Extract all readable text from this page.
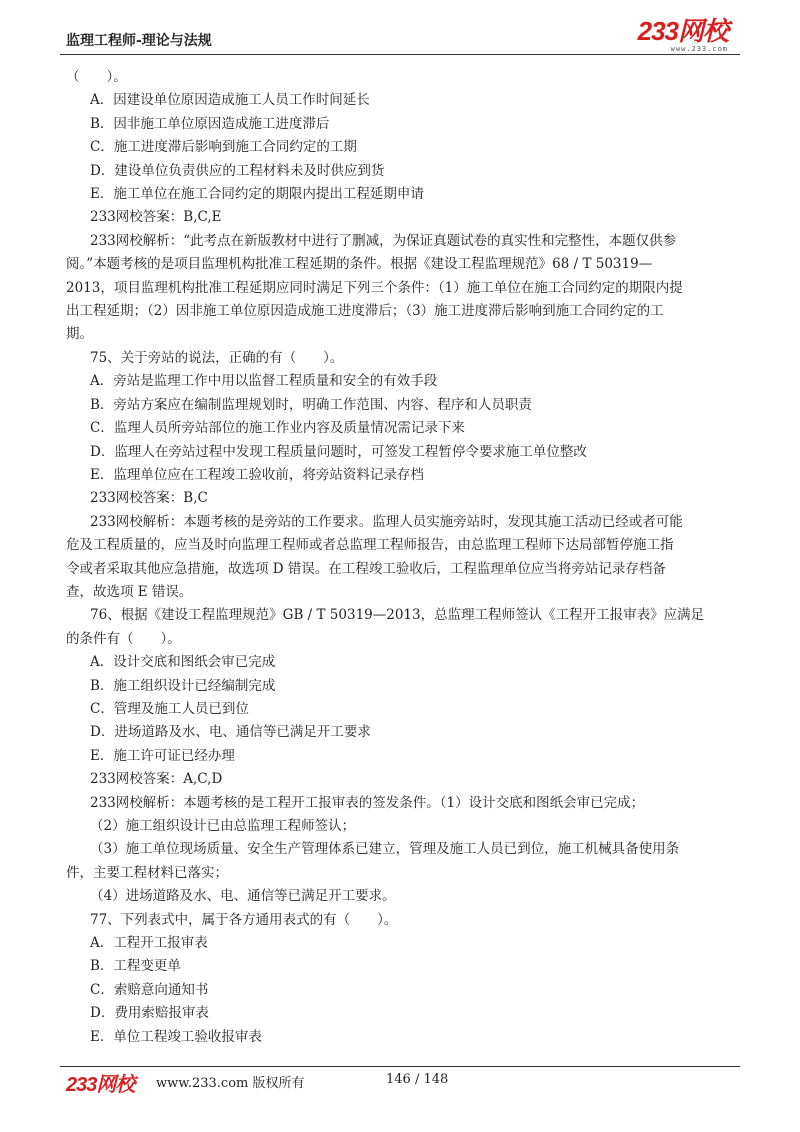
监理工程师-理论与法规	233网校
www.233.com
（　　）。
A．因建设单位原因造成施工人员工作时间延长
B．因非施工单位原因造成施工进度滞后
C．施工进度滞后影响到施工合同约定的工期
D．建设单位负责供应的工程材料未及时供应到货
E．施工单位在施工合同约定的期限内提出工程延期申请
233网校答案：B,C,E
233网校解析：“此考点在新版教材中进行了删减，为保证真题试卷的真实性和完整性，本题仅供参
阅。”本题考核的是项目监理机构批准工程延期的条件。根据《建设工程监理规范》68 / T 50319—
2013，项目监理机构批准工程延期应同时满足下列三个条件：（1）施工单位在施工合同约定的期限内提
出工程延期；（2）因非施工单位原因造成施工进度滞后；（3）施工进度滞后影响到施工合同约定的工
期。
75、关于旁站的说法，正确的有（　　）。
A．旁站是监理工作中用以监督工程质量和安全的有效手段
B．旁站方案应在编制监理规划时，明确工作范围、内容、程序和人员职责
C．监理人员所旁站部位的施工作业内容及质量情况需记录下来
D．监理人在旁站过程中发现工程质量问题时，可签发工程暂停令要求施工单位整改
E．监理单位应在工程竣工验收前，将旁站资料记录存档
233网校答案：B,C
233网校解析：本题考核的是旁站的工作要求。监理人员实施旁站时，发现其施工活动已经或者可能
危及工程质量的，应当及时向监理工程师或者总监理工程师报告，由总监理工程师下达局部暂停施工指
令或者采取其他应急措施，故选项 D 错误。在工程竣工验收后，工程监理单位应当将旁站记录存档备
查，故选项 E 错误。
76、根据《建设工程监理规范》GB / T 50319—2013，总监理工程师签认《工程开工报审表》应满足
的条件有（　　）。
A．设计交底和图纸会审已完成
B．施工组织设计已经编制完成
C．管理及施工人员已到位
D．进场道路及水、电、通信等已满足开工要求
E．施工许可证已经办理
233网校答案：A,C,D
233网校解析：本题考核的是工程开工报审表的签发条件。（1）设计交底和图纸会审已完成；
（2）施工组织设计已由总监理工程师签认；
（3）施工单位现场质量、安全生产管理体系已建立，管理及施工人员已到位，施工机械具备使用条
件，主要工程材料已落实；
（4）进场道路及水、电、通信等已满足开工要求。
77、下列表式中，属于各方通用表式的有（　　）。
A．工程开工报审表
B．工程变更单
C．索赔意向通知书
D．费用索赔报审表
E．单位工程竣工验收报审表
233网校 www.233.com 版权所有	146 / 148
